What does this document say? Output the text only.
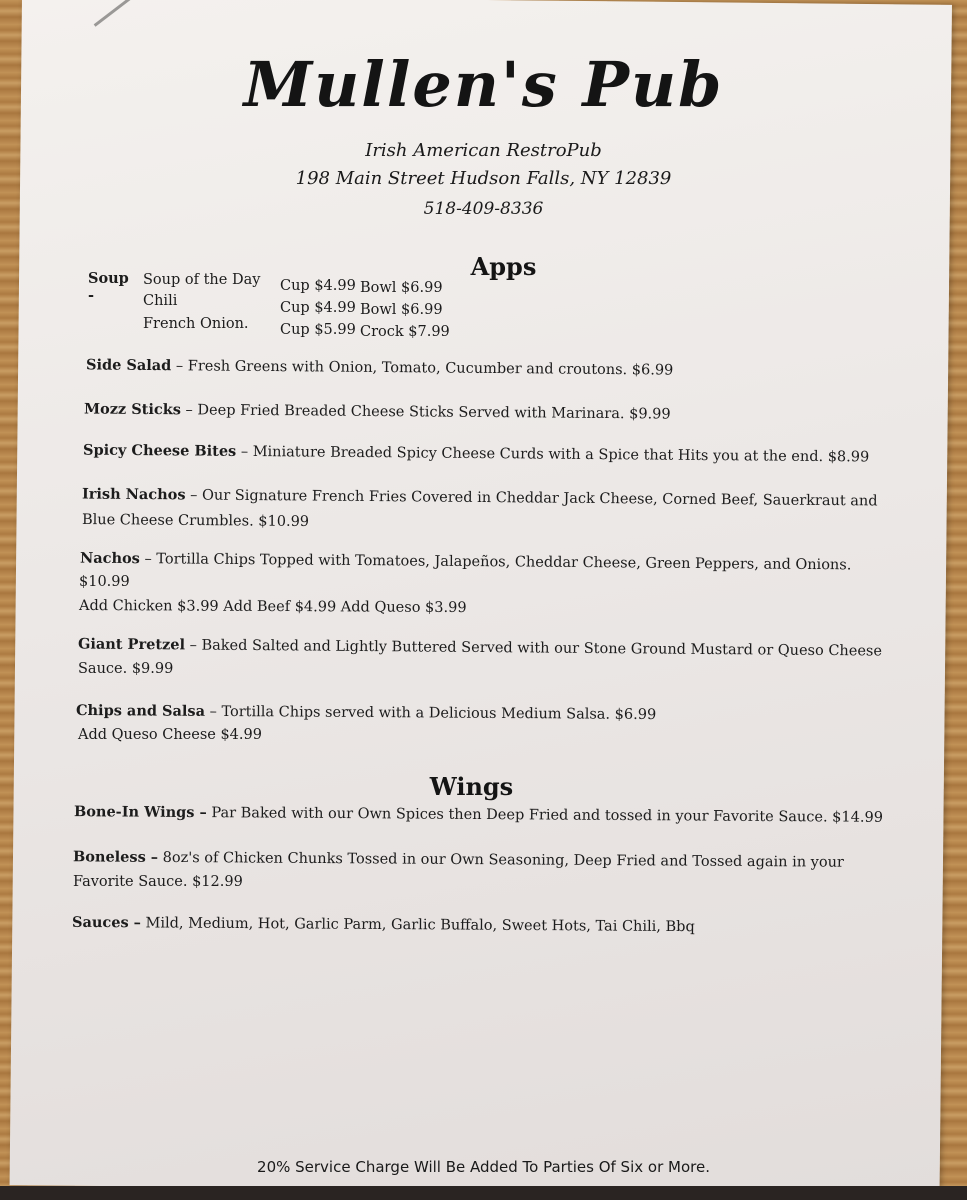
Mullen's Pub
Irish American RestroPub
198 Main Street Hudson Falls, NY 12839
518-409-8336
Apps
Soup -
Soup of the Day Cup $4.99 Bowl $6.99
Chili	Cup $4.99 Bowl $6.99
French Onion. Cup $5.99 Crock $7.99
Side Salad – Fresh Greens with Onion, Tomato, Cucumber and croutons. $6.99
Mozz Sticks – Deep Fried Breaded Cheese Sticks Served with Marinara. $9.99
Spicy Cheese Bites – Miniature Breaded Spicy Cheese Curds with a Spice that Hits you at the end. $8.99
Irish Nachos – Our Signature French Fries Covered in Cheddar Jack Cheese, Corned Beef, Sauerkraut and
Blue Cheese Crumbles. $10.99
Nachos – Tortilla Chips Topped with Tomatoes, Jalapeños, Cheddar Cheese, Green Peppers, and Onions.
$10.99
Add Chicken $3.99 Add Beef $4.99 Add Queso $3.99
Giant Pretzel – Baked Salted and Lightly Buttered Served with our Stone Ground Mustard or Queso Cheese
Sauce. $9.99
Chips and Salsa – Tortilla Chips served with a Delicious Medium Salsa. $6.99
Add Queso Cheese $4.99
Wings
Bone-In Wings – Par Baked with our Own Spices then Deep Fried and tossed in your Favorite Sauce. $14.99
Boneless – 8oz's of Chicken Chunks Tossed in our Own Seasoning, Deep Fried and Tossed again in your
Favorite Sauce. $12.99
Sauces – Mild, Medium, Hot, Garlic Parm, Garlic Buffalo, Sweet Hots, Tai Chili, Bbq
20% Service Charge Will Be Added To Parties Of Six or More.
